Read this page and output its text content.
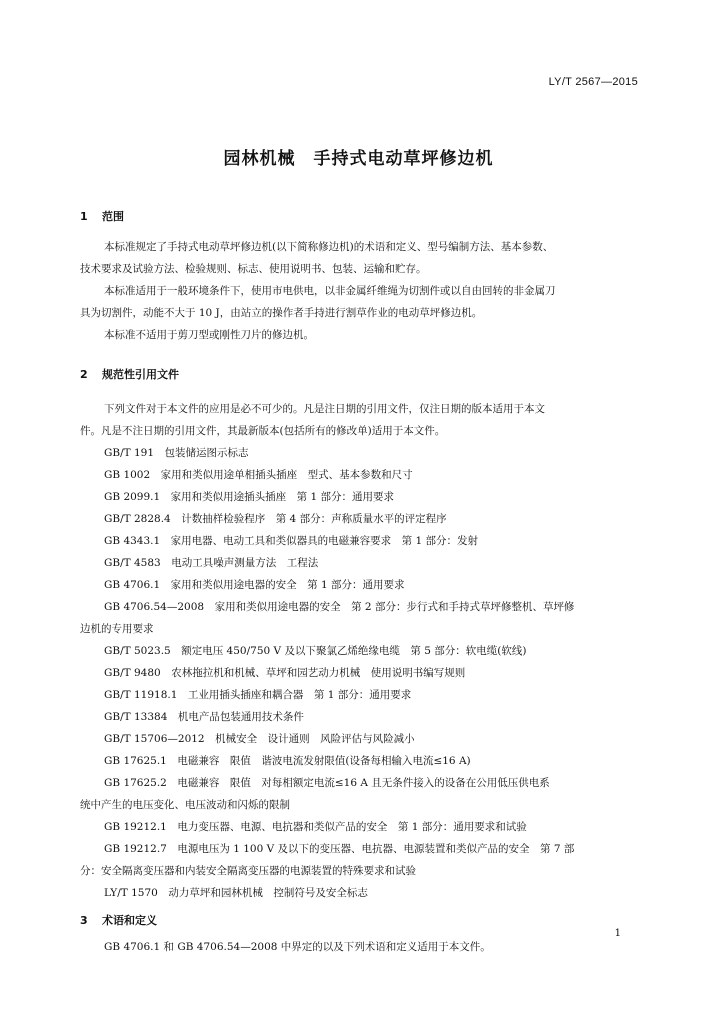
LY/T 2567—2015
园林机械　手持式电动草坪修边机
1 范围
本标准规定了手持式电动草坪修边机(以下简称修边机)的术语和定义、型号编制方法、基本参数、
技术要求及试验方法、检验规则、标志、使用说明书、包装、运输和贮存。
本标准适用于一般环境条件下，使用市电供电，以非金属纤维绳为切割件或以自由回转的非金属刀
具为切割件，动能不大于 10 J，由站立的操作者手持进行割草作业的电动草坪修边机。
本标准不适用于剪刀型或刚性刀片的修边机。
2 规范性引用文件
下列文件对于本文件的应用是必不可少的。凡是注日期的引用文件，仅注日期的版本适用于本文
件。凡是不注日期的引用文件，其最新版本(包括所有的修改单)适用于本文件。
GB/T 191　包装储运图示标志
GB 1002　家用和类似用途单相插头插座　型式、基本参数和尺寸
GB 2099.1　家用和类似用途插头插座　第 1 部分：通用要求
GB/T 2828.4　计数抽样检验程序　第 4 部分：声称质量水平的评定程序
GB 4343.1　家用电器、电动工具和类似器具的电磁兼容要求　第 1 部分：发射
GB/T 4583　电动工具噪声测量方法　工程法
GB 4706.1　家用和类似用途电器的安全　第 1 部分：通用要求
GB 4706.54—2008　家用和类似用途电器的安全　第 2 部分：步行式和手持式草坪修整机、草坪修
边机的专用要求
GB/T 5023.5　额定电压 450/750 V 及以下聚氯乙烯绝缘电缆　第 5 部分：软电缆(软线)
GB/T 9480　农林拖拉机和机械、草坪和园艺动力机械　使用说明书编写规则
GB/T 11918.1　工业用插头插座和耦合器　第 1 部分：通用要求
GB/T 13384　机电产品包装通用技术条件
GB/T 15706—2012　机械安全　设计通则　风险评估与风险减小
GB 17625.1　电磁兼容　限值　谐波电流发射限值(设备每相输入电流≤16 A)
GB 17625.2　电磁兼容　限值　对每相额定电流≤16 A 且无条件接入的设备在公用低压供电系
统中产生的电压变化、电压波动和闪烁的限制
GB 19212.1　电力变压器、电源、电抗器和类似产品的安全　第 1 部分：通用要求和试验
GB 19212.7　电源电压为 1 100 V 及以下的变压器、电抗器、电源装置和类似产品的安全　第 7 部
分：安全隔离变压器和内装安全隔离变压器的电源装置的特殊要求和试验
LY/T 1570　动力草坪和园林机械　控制符号及安全标志
3 术语和定义
GB 4706.1 和 GB 4706.54—2008 中界定的以及下列术语和定义适用于本文件。
1
